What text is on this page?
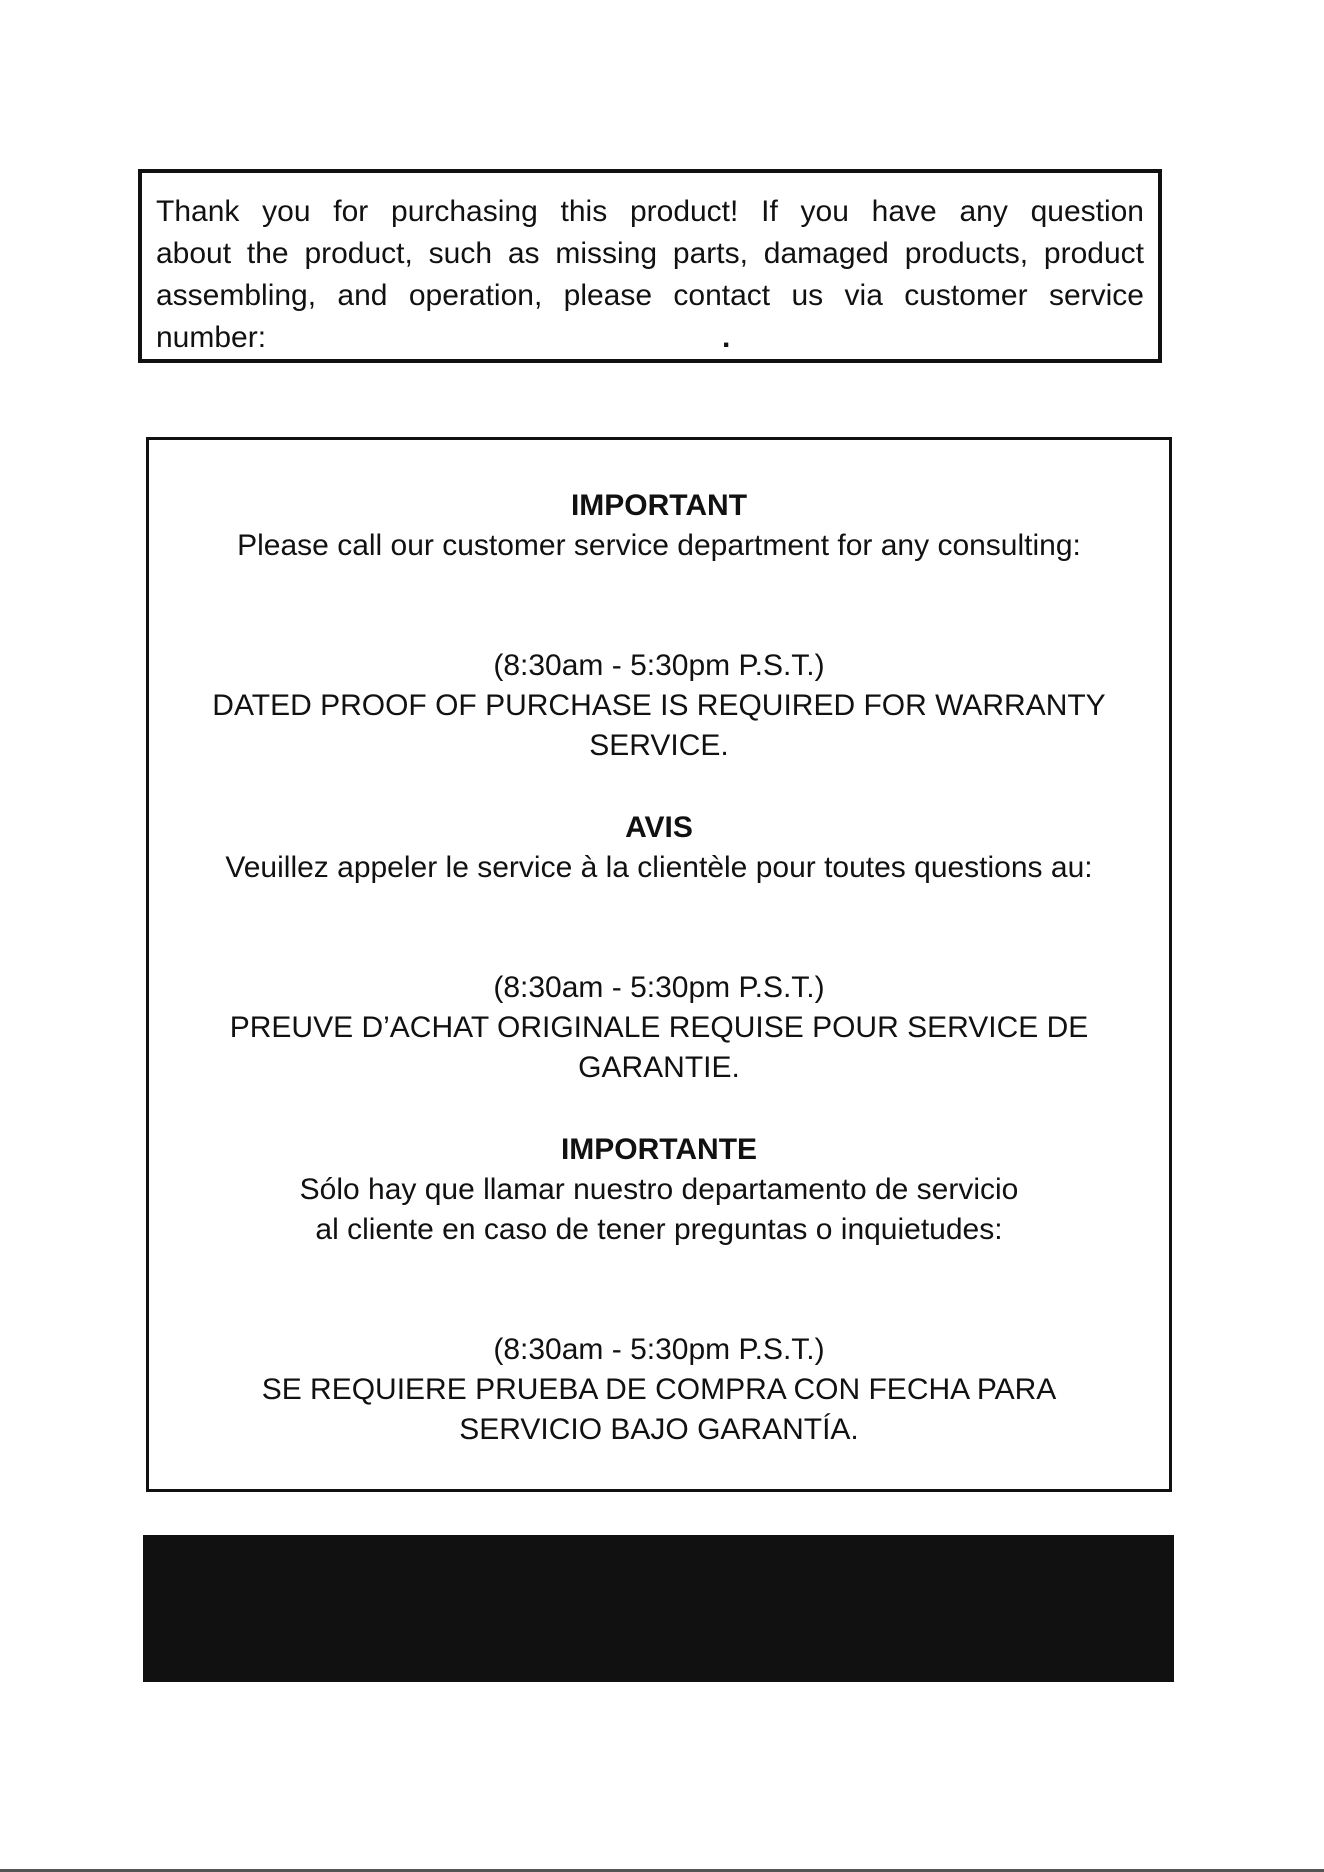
Thank you for purchasing this product! If you have any question
about the product, such as missing parts, damaged products, product
assembling, and operation, please contact us via customer service
number:	.
IMPORTANT
Please call our customer service department for any consulting:
(8:30am - 5:30pm P.S.T.)
DATED PROOF OF PURCHASE IS REQUIRED FOR WARRANTY
SERVICE.
AVIS
Veuillez appeler le service à la clientèle pour toutes questions au:
(8:30am - 5:30pm P.S.T.)
PREUVE D’ACHAT ORIGINALE REQUISE POUR SERVICE DE
GARANTIE.
IMPORTANTE
Sólo hay que llamar nuestro departamento de servicio
al cliente en caso de tener preguntas o inquietudes:
(8:30am - 5:30pm P.S.T.)
SE REQUIERE PRUEBA DE COMPRA CON FECHA PARA
SERVICIO BAJO GARANTÍA.
